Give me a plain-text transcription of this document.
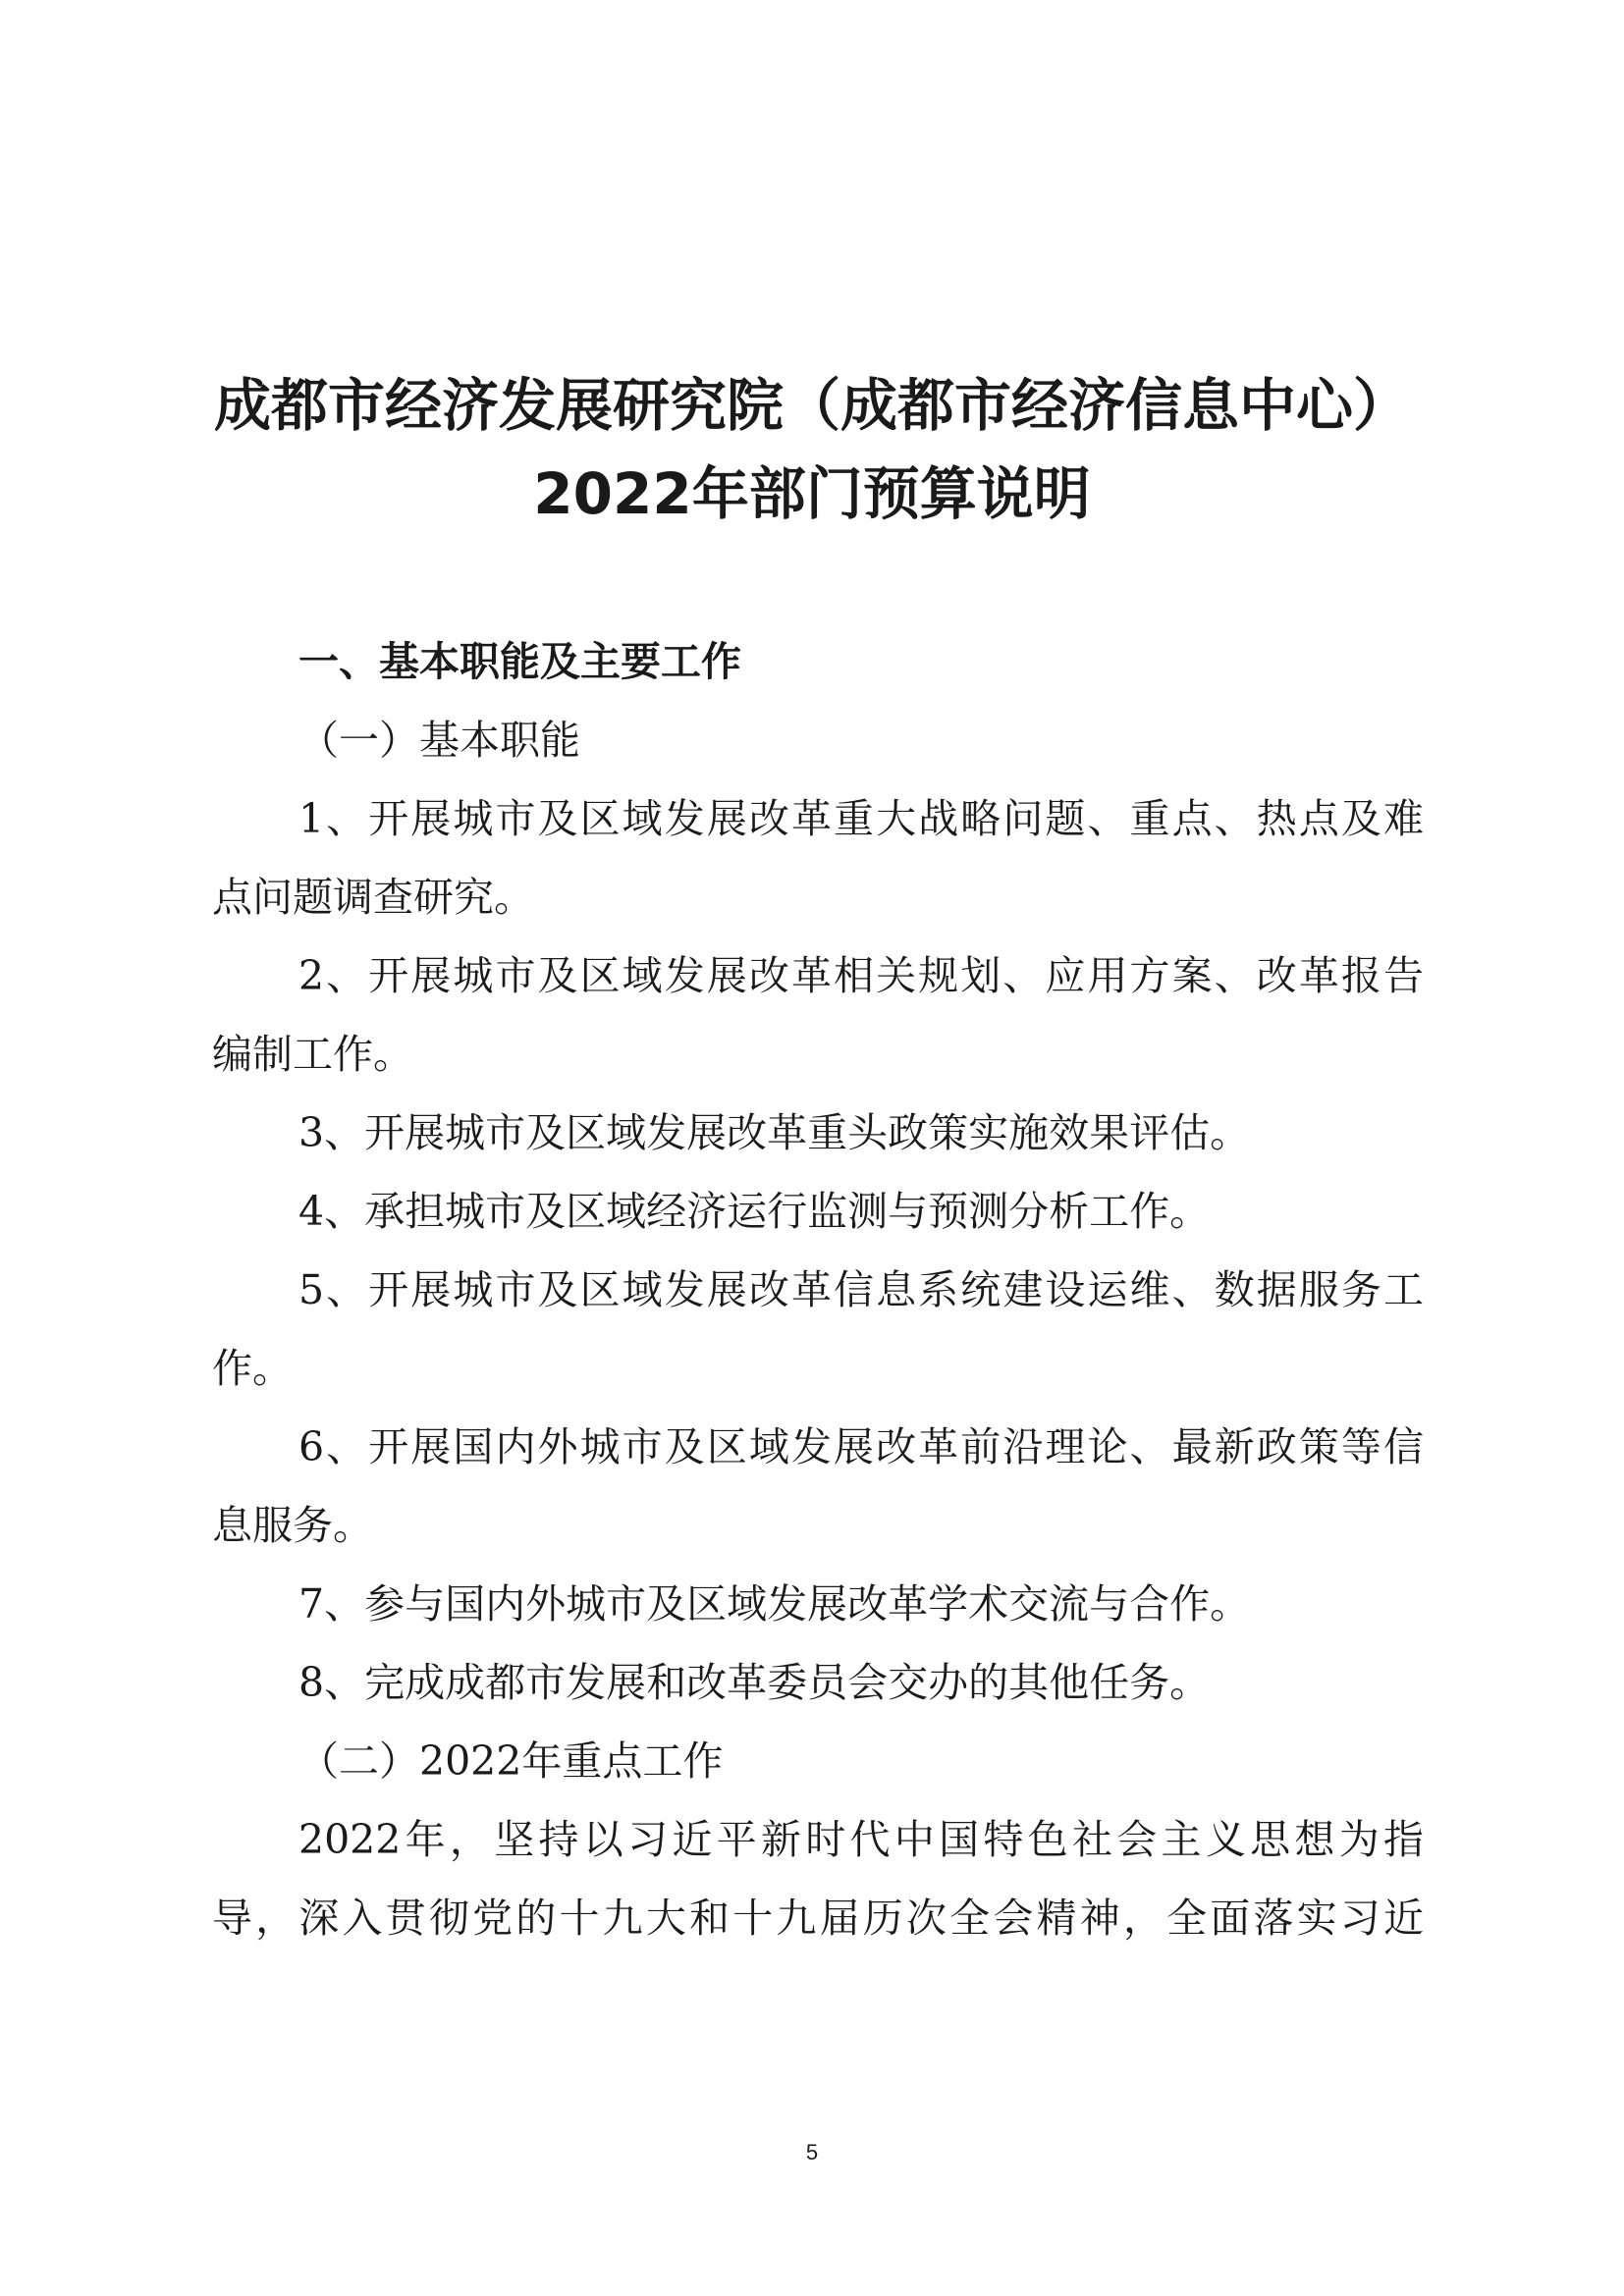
成都市经济发展研究院（成都市经济信息中心）
2022年部门预算说明
一、基本职能及主要工作
（一）基本职能
1、开展城市及区域发展改革重大战略问题、重点、热点及难
点问题调查研究。
2、开展城市及区域发展改革相关规划、应用方案、改革报告
编制工作。
3、开展城市及区域发展改革重头政策实施效果评估。
4、承担城市及区域经济运行监测与预测分析工作。
5、开展城市及区域发展改革信息系统建设运维、数据服务工
作。
6、开展国内外城市及区域发展改革前沿理论、最新政策等信
息服务。
7、参与国内外城市及区域发展改革学术交流与合作。
8、完成成都市发展和改革委员会交办的其他任务。
（二）2022年重点工作
2022年，坚持以习近平新时代中国特色社会主义思想为指
导，深入贯彻党的十九大和十九届历次全会精神，全面落实习近
5
